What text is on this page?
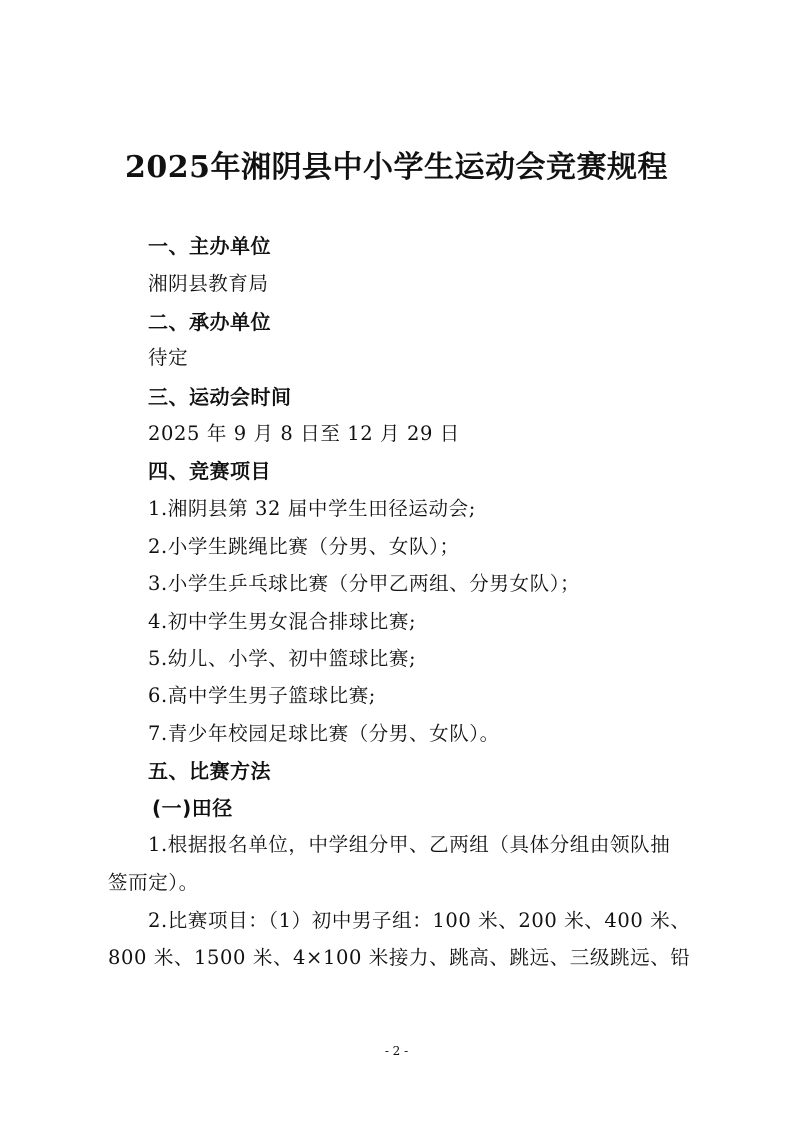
2025年湘阴县中小学生运动会竞赛规程
一、主办单位
湘阴县教育局
二、承办单位
待定
三、运动会时间
2025 年 9 月 8 日至 12 月 29 日
四、竞赛项目
1.湘阴县第 32 届中学生田径运动会;
2.小学生跳绳比赛（分男、女队）；
3.小学生乒乓球比赛（分甲乙两组、分男女队）；
4.初中学生男女混合排球比赛;
5.幼儿、小学、初中篮球比赛;
6.高中学生男子篮球比赛;
7.青少年校园足球比赛（分男、女队）。
五、比赛方法
(一)田径
1.根据报名单位，中学组分甲、乙两组（具体分组由领队抽
签而定）。
2.比赛项目：（1）初中男子组：100 米、200 米、400 米、
800 米、1500 米、4×100 米接力、跳高、跳远、三级跳远、铅
- 2 -
